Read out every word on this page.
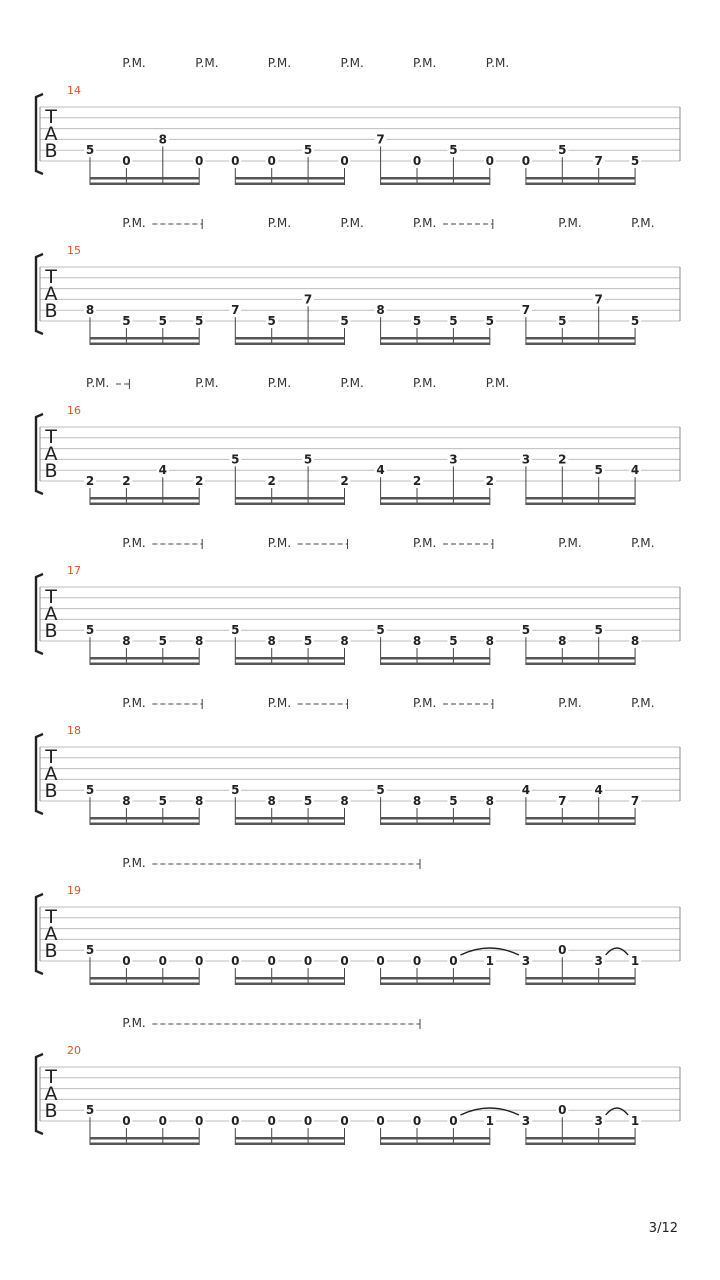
T
A
B
14
P.M.	P.M.	P.M.	P.M.	P.M.	P.M.
5
0
8
0 0 0
5
0
7
0
5
0 0
5
7 5
T
A
B
15
P.M.	P.M.	P.M.	P.M.	P.M.	P.M.
8
5 5 5
7
5
7
5
8
5 5 5
7
5
7
5
T
A
B
16
P.M.	P.M.	P.M.	P.M.	P.M.	P.M.
2 2
4
2
5
2
5
2
4
2
3
2
3 2
5 4
T
A
B
17
P.M.	P.M.	P.M.	P.M.	P.M.
5
8 5 8
5
8 5 8
5
8 5 8
5
8
5
8
T
A
B
18
P.M.	P.M.	P.M.	P.M.	P.M.
5
8 5 8
5
8 5 8
5
8 5 8
4
7
4
7
T
A
B
19
P.M.
5
0 0 0 0 0 0 0 0 0 0 1 3
0
3 1
T
A
B
20
P.M.
5
0 0 0 0 0 0 0 0 0 0 1 3
0
3 1
3/12
